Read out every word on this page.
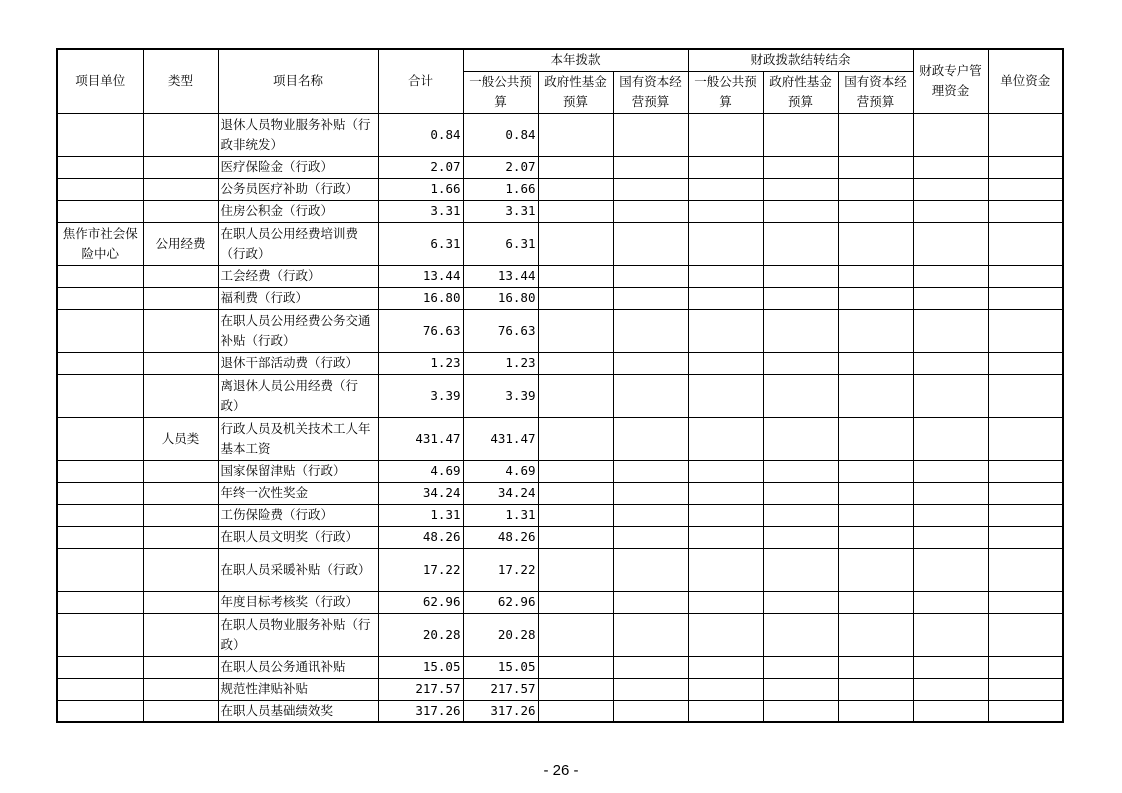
项目单位	类型	项目名称	合计	本年拨款			财政拨款结转结余			财政专户管理资金	单位资金
				一般公共预算	政府性基金预算	国有资本经营预算	一般公共预算	政府性基金预算	国有资本经营预算		
		退休人员物业服务补贴（行政非统发）	0.84	0.84							
		医疗保险金（行政）	2.07	2.07							
		公务员医疗补助（行政）	1.66	1.66							
		住房公积金（行政）	3.31	3.31							
焦作市社会保险中心	公用经费	在职人员公用经费培训费（行政）	6.31	6.31							
		工会经费（行政）	13.44	13.44							
		福利费（行政）	16.80	16.80							
		在职人员公用经费公务交通补贴（行政）	76.63	76.63							
		退休干部活动费（行政）	1.23	1.23							
		离退休人员公用经费（行政）	3.39	3.39							
	人员类	行政人员及机关技术工人年基本工资	431.47	431.47							
		国家保留津贴（行政）	4.69	4.69							
		年终一次性奖金	34.24	34.24							
		工伤保险费（行政）	1.31	1.31							
		在职人员文明奖（行政）	48.26	48.26							
		在职人员采暖补贴（行政）	17.22	17.22							
		年度目标考核奖（行政）	62.96	62.96							
		在职人员物业服务补贴（行政）	20.28	20.28							
		在职人员公务通讯补贴	15.05	15.05							
		规范性津贴补贴	217.57	217.57							
		在职人员基础绩效奖	317.26	317.26							
- 26 -
